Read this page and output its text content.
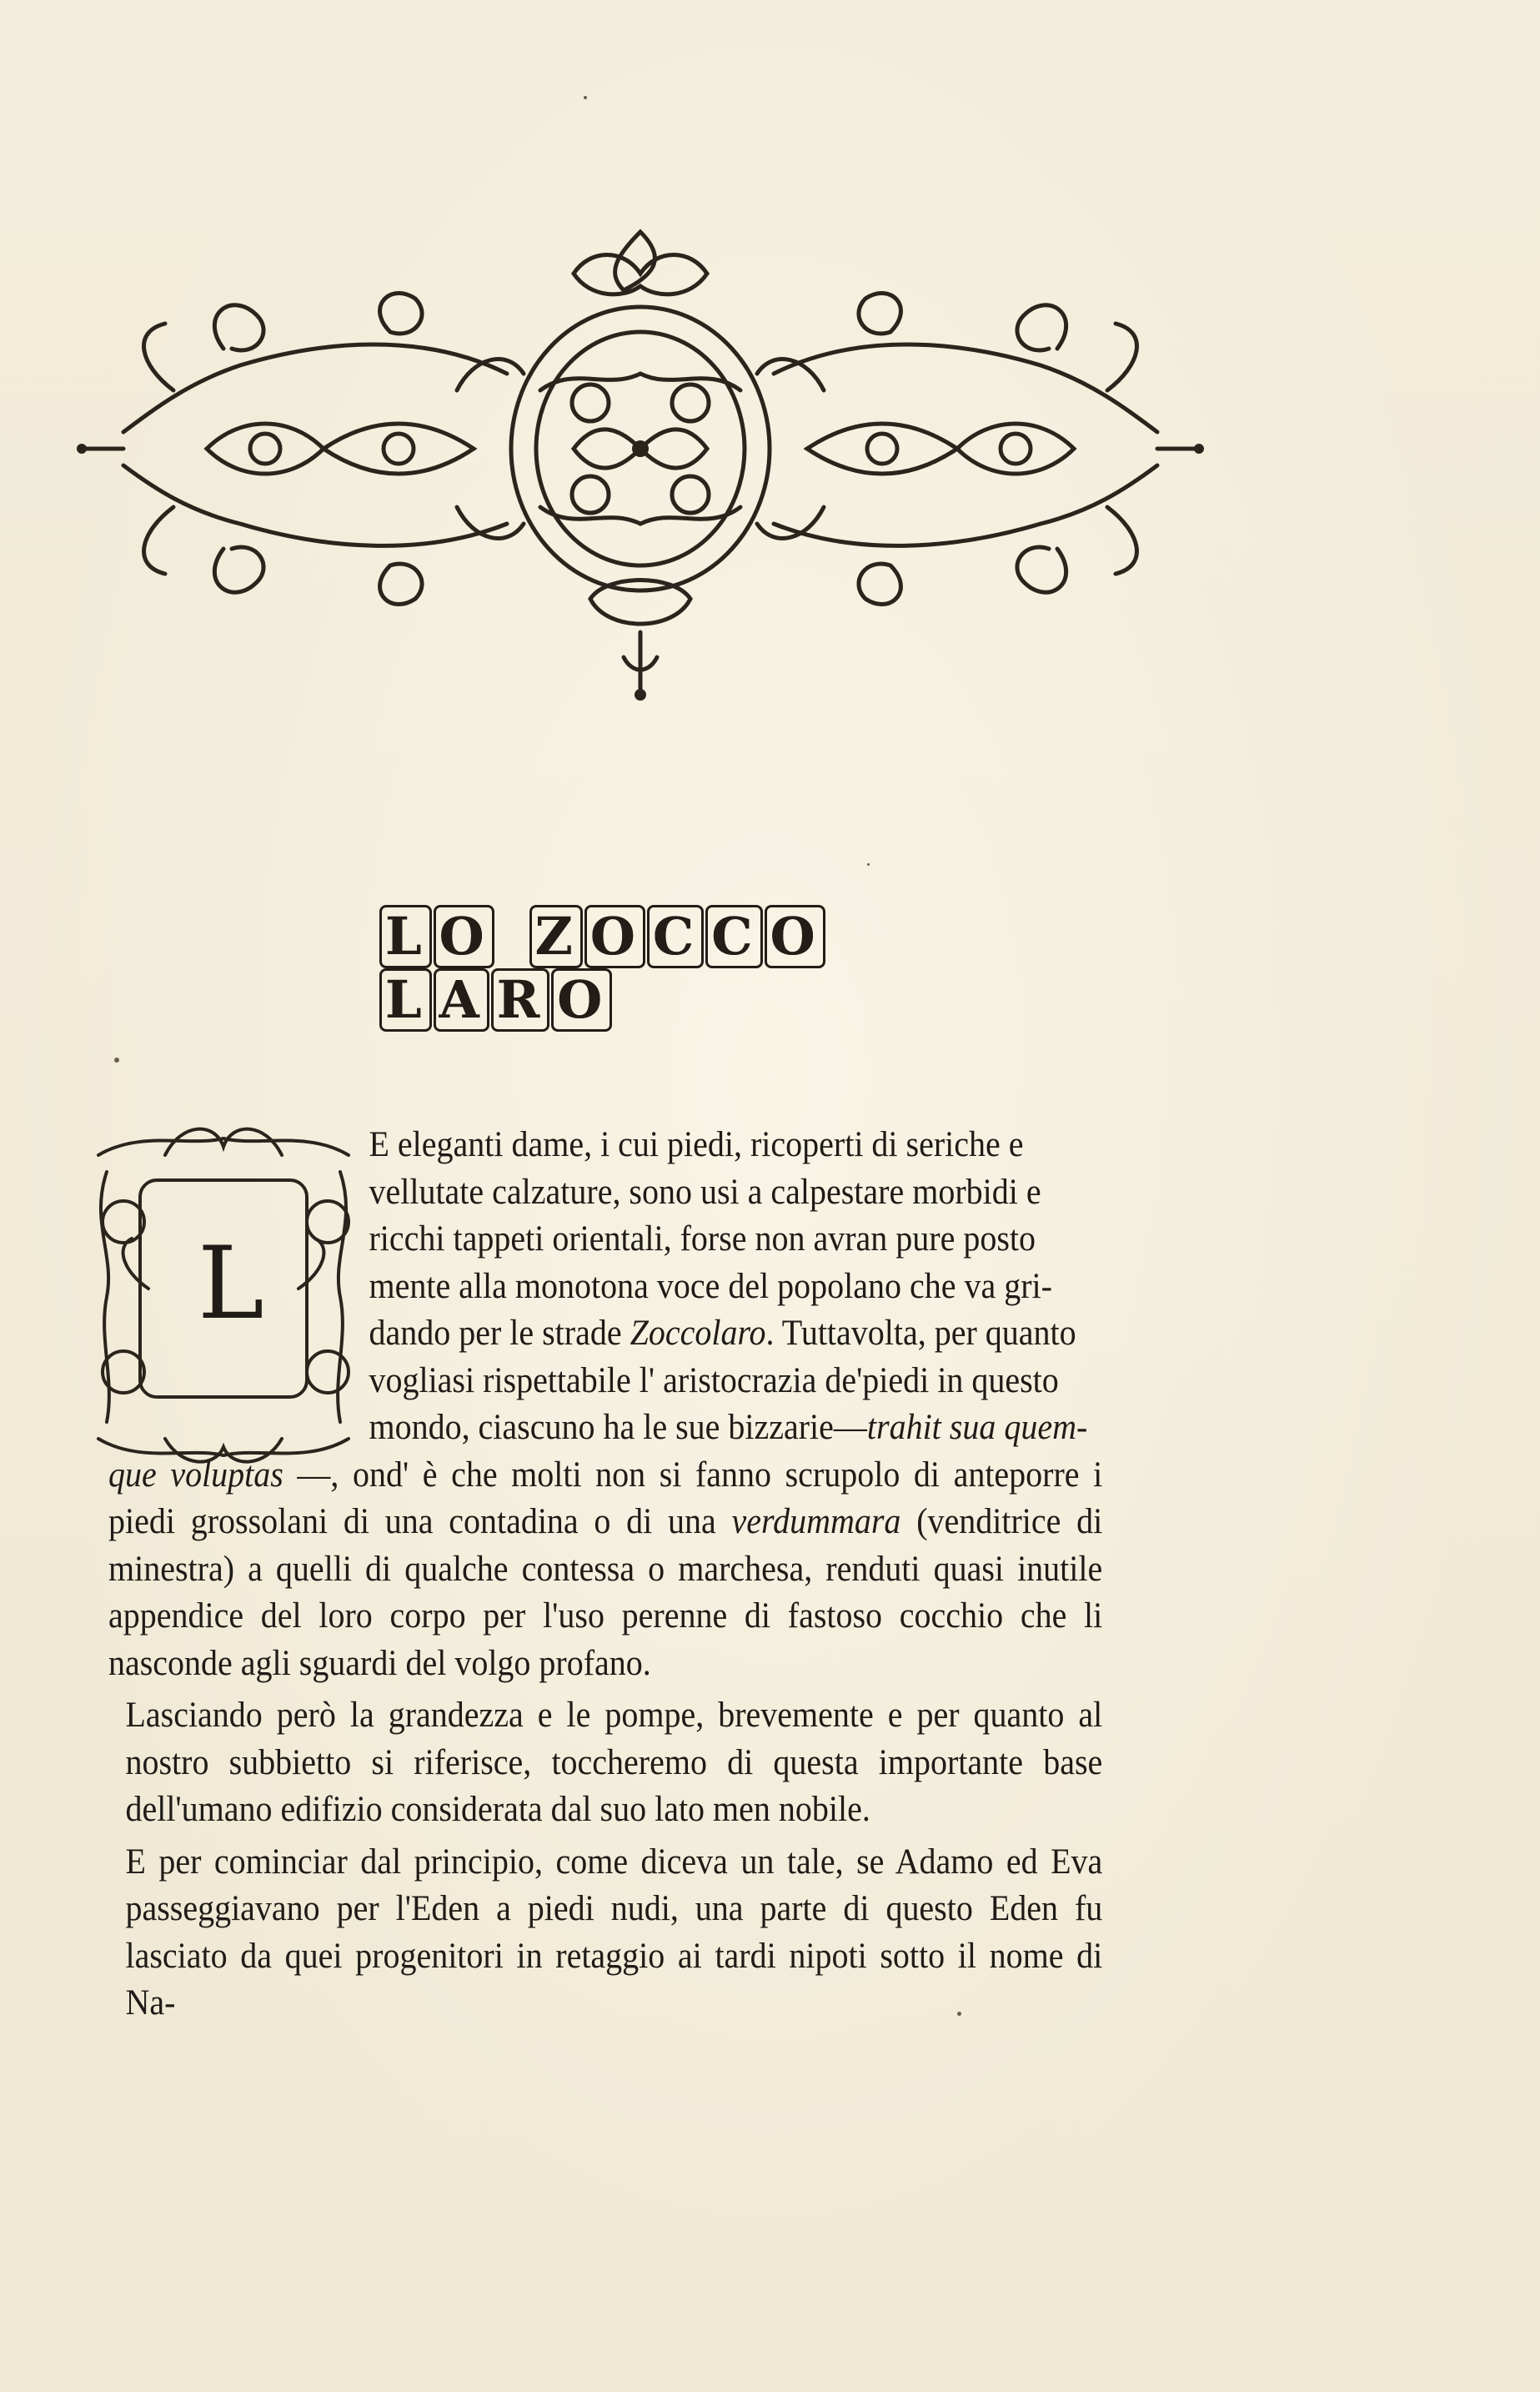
L O Z O C C OL A R O
L

E eleganti dame, i cui piedi, ricoperti di seriche e
vellutate calzature, sono usi a calpestare morbidi e
ricchi tappeti orientali, forse non avran pure posto
mente alla monotona voce del popolano che va gri-
dando per le strade Zoccolaro. Tuttavolta, per quanto
vogliasi rispettabile l' aristocrazia de'piedi in questo
mondo, ciascuno ha le sue bizzarie—trahit sua quem-
que voluptas —, ond' è che molti non si fanno scrupolo di anteporre i piedi grossolani di una contadina o di una verdummara (venditrice di minestra) a quelli di qualche contessa o marchesa, renduti quasi inutile appendice del loro corpo per l'uso perenne di fastoso cocchio che li nasconde agli sguardi del volgo profano.

Lasciando però la grandezza e le pompe, brevemente e per quanto al nostro subbietto si riferisce, toccheremo di questa importante base dell'umano edifizio considerata dal suo lato men nobile.

E per cominciar dal principio, come diceva un tale, se Adamo ed Eva passeggiavano per l'Eden a piedi nudi, una parte di questo Eden fu lasciato da quei progenitori in retaggio ai tardi nipoti sotto il nome di Na-
